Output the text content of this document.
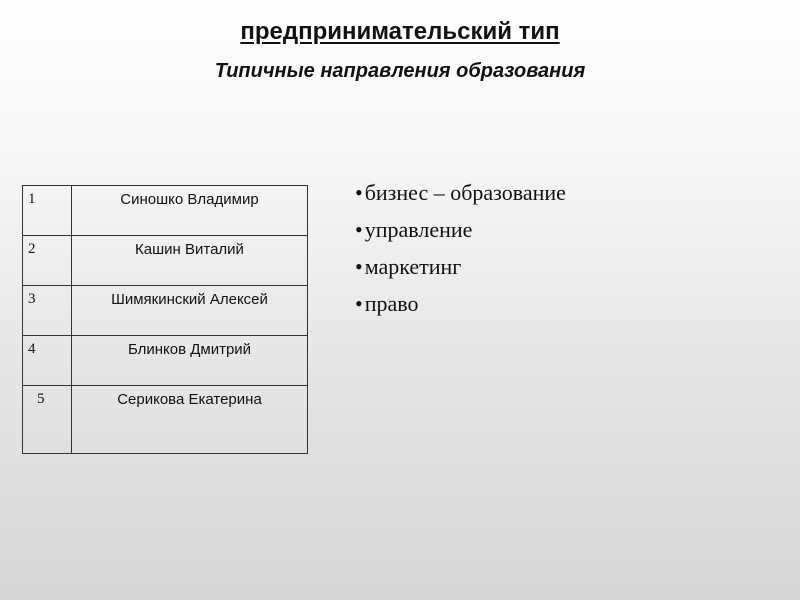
предпринимательский тип
Типичные направления образования
1	Синошко Владимир
2	Кашин Виталий
3	Шимякинский Алексей
4	Блинков Дмитрий
5	Серикова Екатерина
• бизнес – образование
• управление
• маркетинг
• право
